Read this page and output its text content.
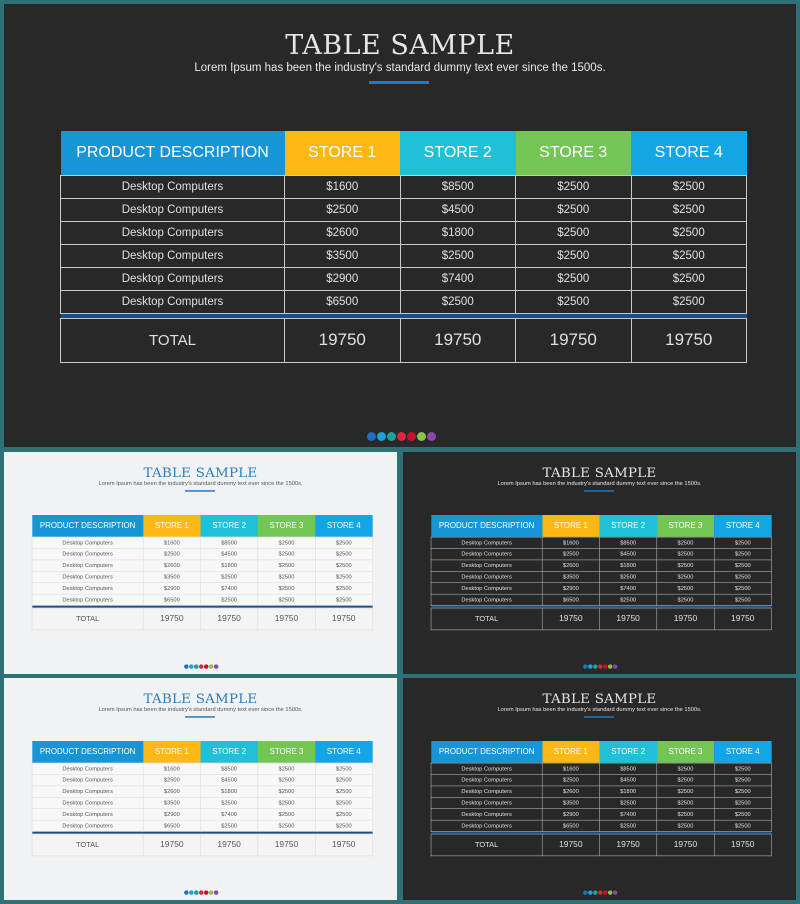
TABLE SAMPLE
Lorem Ipsum has been the industry's standard dummy text ever since the 1500s.
PRODUCT DESCRIPTION	STORE 1	STORE 2	STORE 3	STORE 4
Desktop Computers	$1600	$8500	$2500	$2500
Desktop Computers	$2500	$4500	$2500	$2500
Desktop Computers	$2600	$1800	$2500	$2500
Desktop Computers	$3500	$2500	$2500	$2500
Desktop Computers	$2900	$7400	$2500	$2500
Desktop Computers	$6500	$2500	$2500	$2500

TOTAL	19750	19750	19750	19750
TABLE SAMPLE
Lorem Ipsum has been the industry's standard dummy text ever since the 1500s.
PRODUCT DESCRIPTION	STORE 1	STORE 2	STORE 3	STORE 4
Desktop Computers	$1600	$8500	$2500	$2500
Desktop Computers	$2500	$4500	$2500	$2500
Desktop Computers	$2600	$1800	$2500	$2500
Desktop Computers	$3500	$2500	$2500	$2500
Desktop Computers	$2900	$7400	$2500	$2500
Desktop Computers	$6500	$2500	$2500	$2500

TOTAL	19750	19750	19750	19750
TABLE SAMPLE
Lorem Ipsum has been the industry's standard dummy text ever since the 1500s.
PRODUCT DESCRIPTION	STORE 1	STORE 2	STORE 3	STORE 4
Desktop Computers	$1600	$8500	$2500	$2500
Desktop Computers	$2500	$4500	$2500	$2500
Desktop Computers	$2600	$1800	$2500	$2500
Desktop Computers	$3500	$2500	$2500	$2500
Desktop Computers	$2900	$7400	$2500	$2500
Desktop Computers	$6500	$2500	$2500	$2500

TOTAL	19750	19750	19750	19750
TABLE SAMPLE
Lorem Ipsum has been the industry's standard dummy text ever since the 1500s.
PRODUCT DESCRIPTION	STORE 1	STORE 2	STORE 3	STORE 4
Desktop Computers	$1600	$8500	$2500	$2500
Desktop Computers	$2500	$4500	$2500	$2500
Desktop Computers	$2600	$1800	$2500	$2500
Desktop Computers	$3500	$2500	$2500	$2500
Desktop Computers	$2900	$7400	$2500	$2500
Desktop Computers	$6500	$2500	$2500	$2500

TOTAL	19750	19750	19750	19750
TABLE SAMPLE
Lorem Ipsum has been the industry's standard dummy text ever since the 1500s.
PRODUCT DESCRIPTION	STORE 1	STORE 2	STORE 3	STORE 4
Desktop Computers	$1600	$8500	$2500	$2500
Desktop Computers	$2500	$4500	$2500	$2500
Desktop Computers	$2600	$1800	$2500	$2500
Desktop Computers	$3500	$2500	$2500	$2500
Desktop Computers	$2900	$7400	$2500	$2500
Desktop Computers	$6500	$2500	$2500	$2500

TOTAL	19750	19750	19750	19750
